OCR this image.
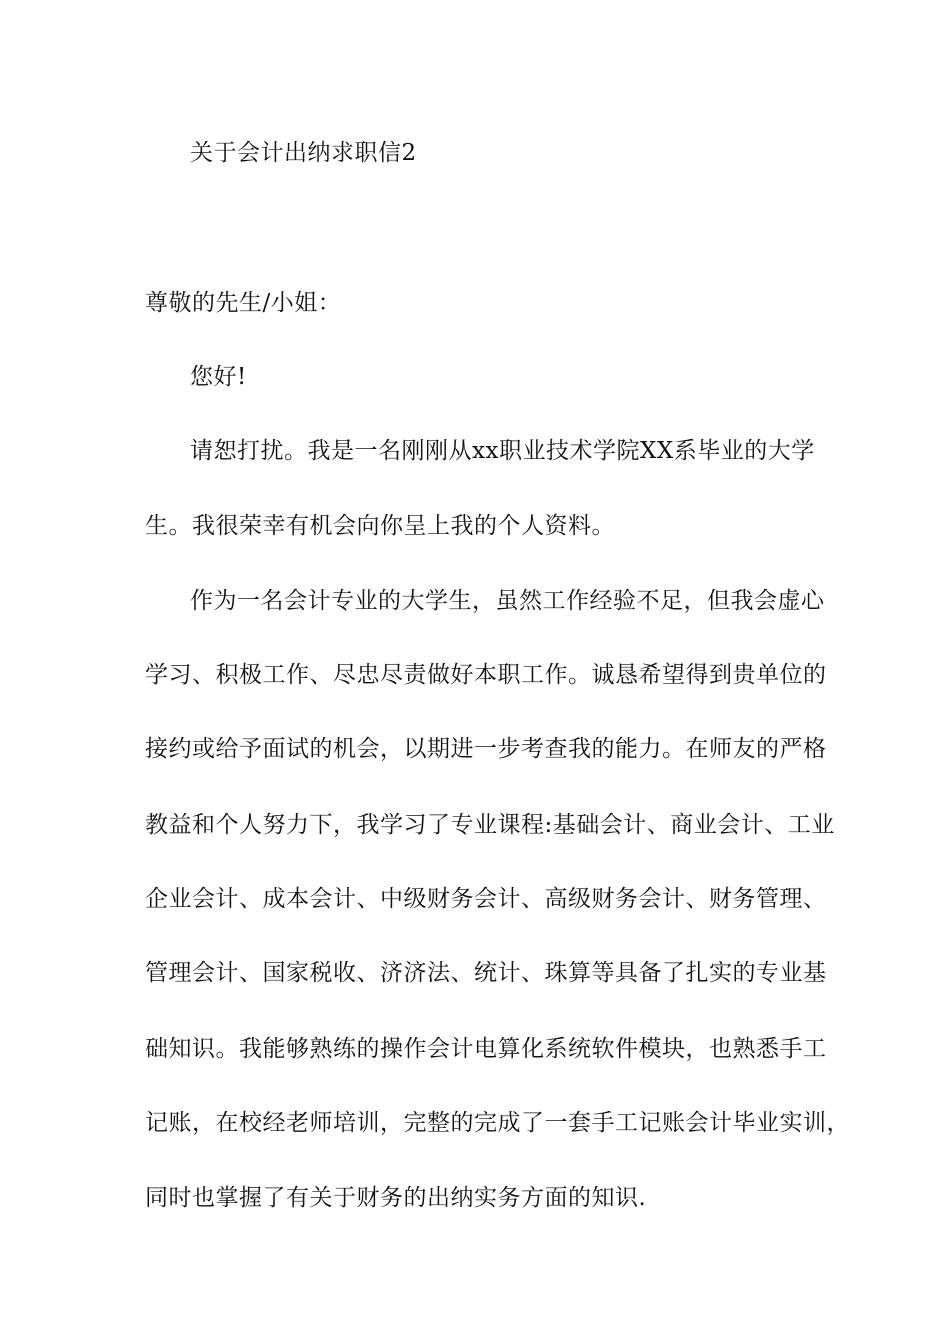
关于会计出纳求职信2
尊敬的先生/小姐：
您好!
请恕打扰。我是一名刚刚从xx职业技术学院XX系毕业的大学
生。我很荣幸有机会向你呈上我的个人资料。
作为一名会计专业的大学生，虽然工作经验不足，但我会虚心
学习、积极工作、尽忠尽责做好本职工作。诚恳希望得到贵单位的
接约或给予面试的机会，以期进一步考查我的能力。在师友的严格
教益和个人努力下，我学习了专业课程:基础会计、商业会计、工业
企业会计、成本会计、中级财务会计、高级财务会计、财务管理、
管理会计、国家税收、济济法、统计、珠算等具备了扎实的专业基
础知识。我能够熟练的操作会计电算化系统软件模块，也熟悉手工
记账，在校经老师培训，完整的完成了一套手工记账会计毕业实训，
同时也掌握了有关于财务的出纳实务方面的知识.
